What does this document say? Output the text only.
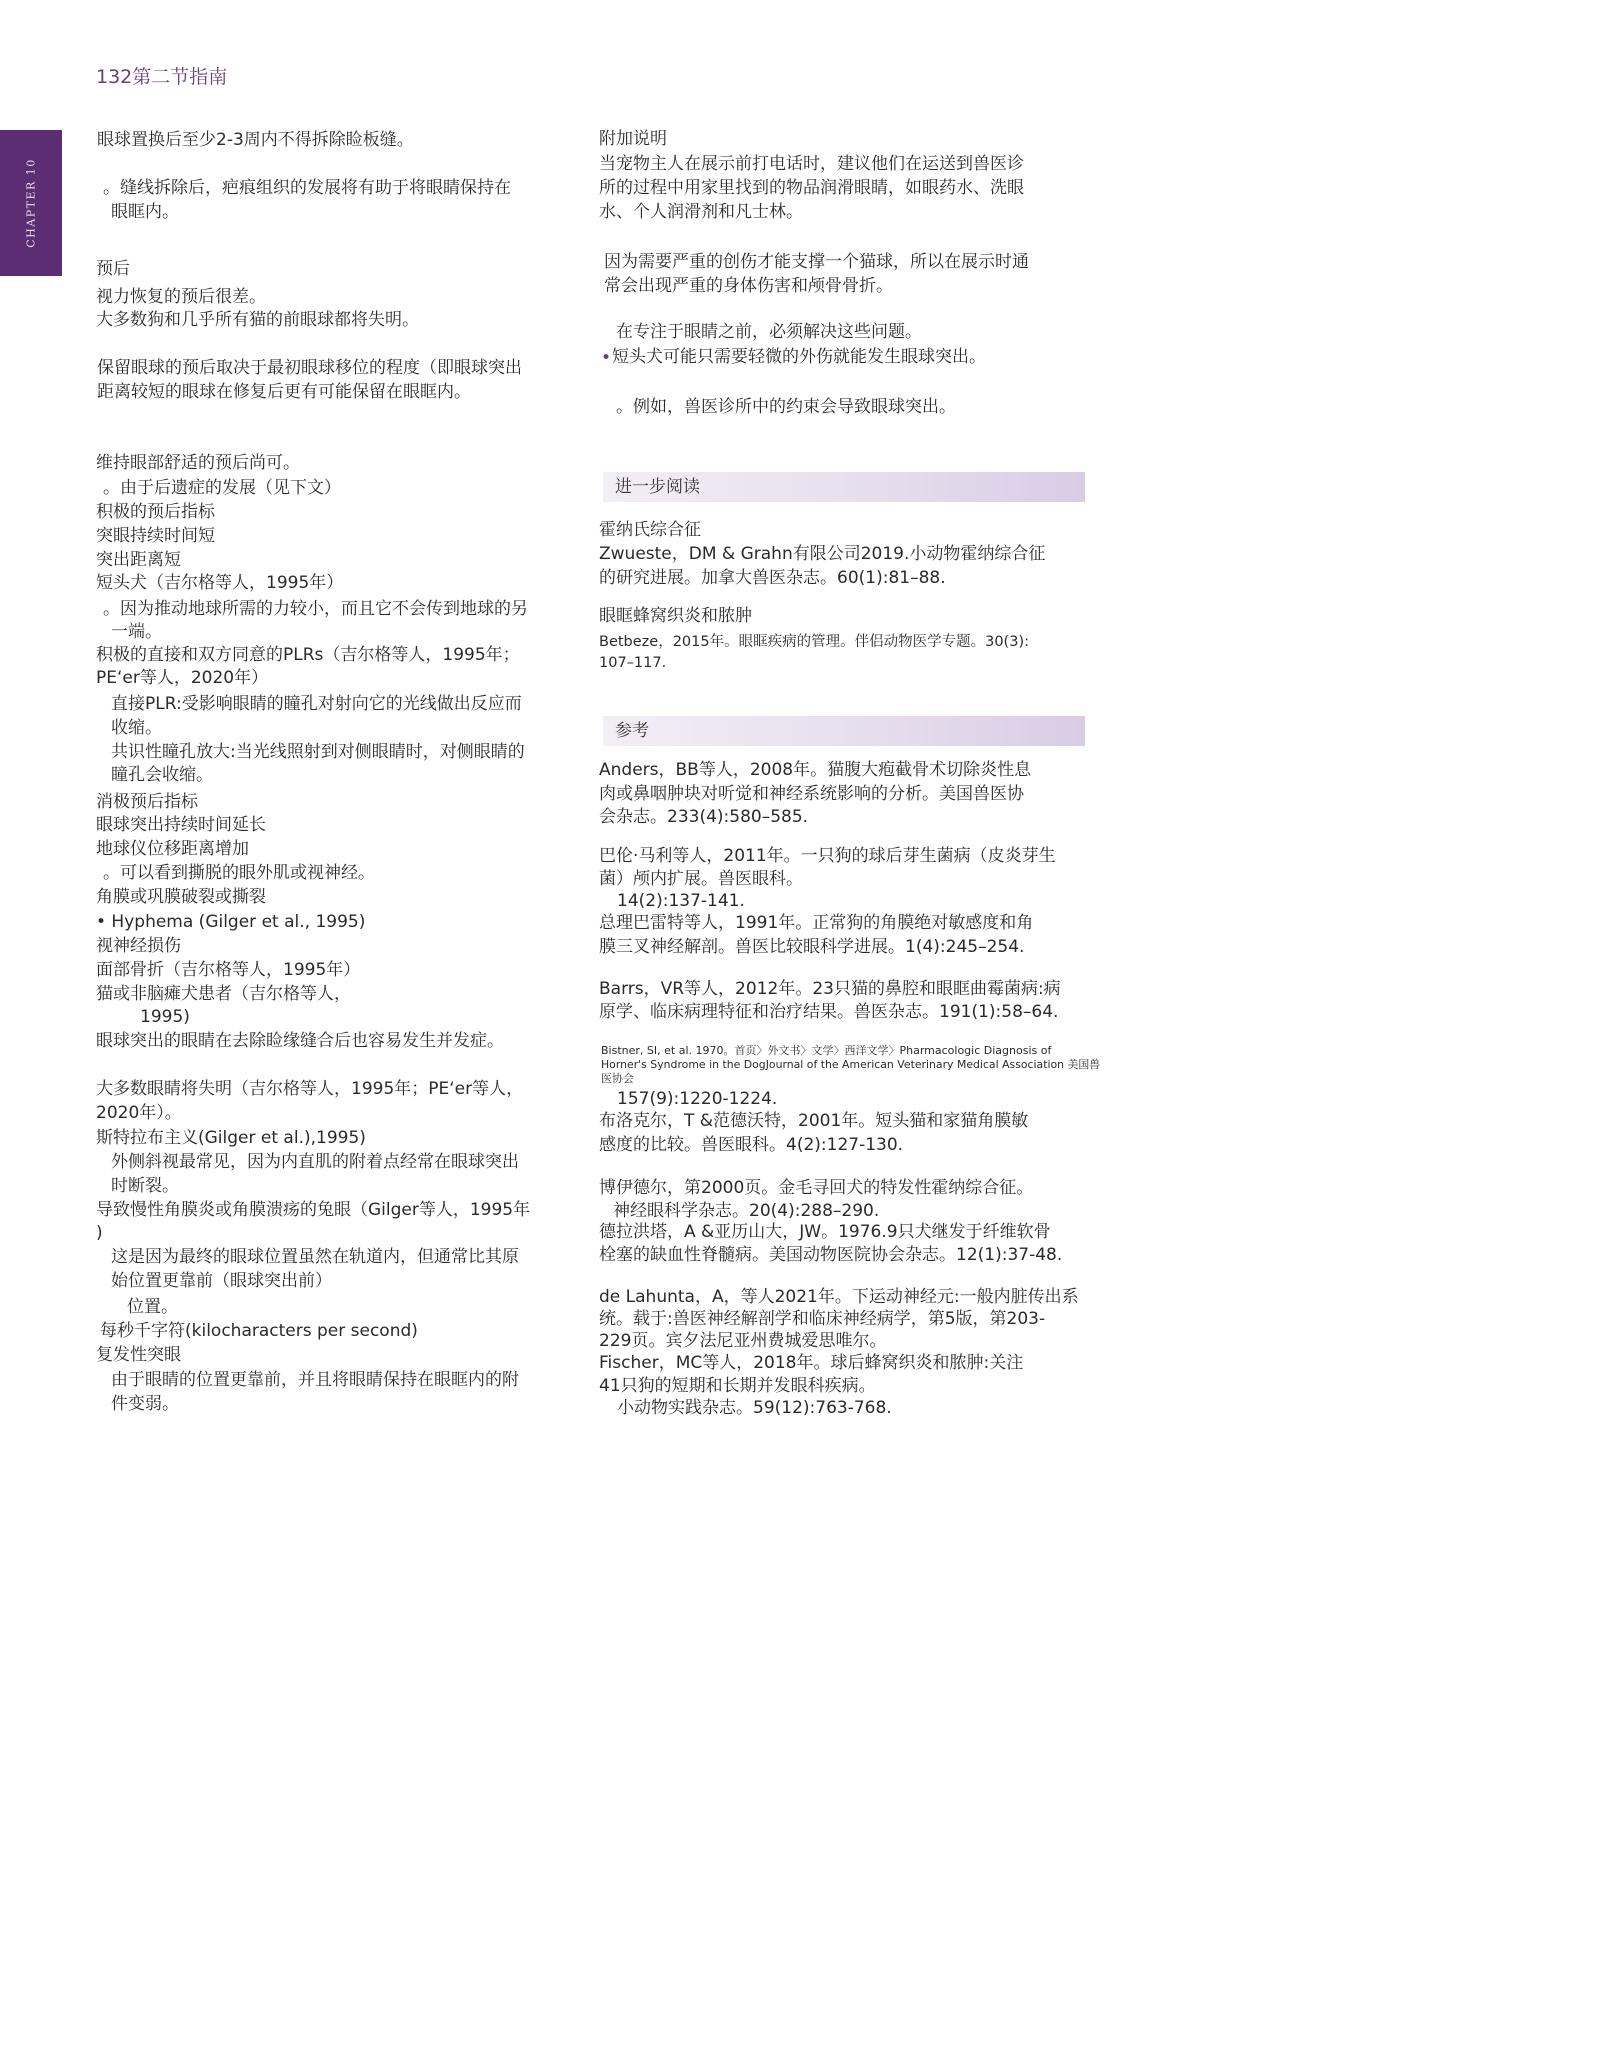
132第二节指南
CHAPTER 10
眼球置换后至少2-3周内不得拆除睑板缝。
。缝线拆除后，疤痕组织的发展将有助于将眼睛保持在
眼眶内。
预后
视力恢复的预后很差。
大多数狗和几乎所有猫的前眼球都将失明。
保留眼球的预后取决于最初眼球移位的程度（即眼球突出
距离较短的眼球在修复后更有可能保留在眼眶内。
维持眼部舒适的预后尚可。
。由于后遗症的发展（见下文）
积极的预后指标
突眼持续时间短
突出距离短
短头犬（吉尔格等人，1995年）
。因为推动地球所需的力较小，而且它不会传到地球的另
一端。
积极的直接和双方同意的PLRs（吉尔格等人，1995年；
PE‘er等人，2020年）
直接PLR:受影响眼睛的瞳孔对射向它的光线做出反应而
收缩。
共识性瞳孔放大:当光线照射到对侧眼睛时，对侧眼睛的
瞳孔会收缩。
消极预后指标
眼球突出持续时间延长
地球仪位移距离增加
。可以看到撕脱的眼外肌或视神经。
角膜或巩膜破裂或撕裂
• Hyphema (Gilger et al., 1995)
视神经损伤
面部骨折（吉尔格等人，1995年）
猫或非脑瘫犬患者（吉尔格等人，
1995)
眼球突出的眼睛在去除睑缘缝合后也容易发生并发症。
大多数眼睛将失明（吉尔格等人，1995年；PE‘er等人，
2020年）。
斯特拉布主义(Gilger et al.),1995)
外侧斜视最常见，因为内直肌的附着点经常在眼球突出
时断裂。
导致慢性角膜炎或角膜溃疡的兔眼（Gilger等人，1995年
)
这是因为最终的眼球位置虽然在轨道内，但通常比其原
始位置更靠前（眼球突出前）
位置。
每秒千字符(kilocharacters per second)
复发性突眼
由于眼睛的位置更靠前，并且将眼睛保持在眼眶内的附
件变弱。
附加说明
当宠物主人在展示前打电话时，建议他们在运送到兽医诊
所的过程中用家里找到的物品润滑眼睛，如眼药水、洗眼
水、个人润滑剂和凡士林。
因为需要严重的创伤才能支撑一个猫球，所以在展示时通
常会出现严重的身体伤害和颅骨骨折。
在专注于眼睛之前，必须解决这些问题。
• 短头犬可能只需要轻微的外伤就能发生眼球突出。
。例如，兽医诊所中的约束会导致眼球突出。
进一步阅读
霍纳氏综合征
Zwueste，DM & Grahn有限公司2019.小动物霍纳综合征
的研究进展。加拿大兽医杂志。60(1):81–88.
眼眶蜂窝织炎和脓肿
Betbeze，2015年。眼眶疾病的管理。伴侣动物医学专题。30(3):
107–117.
参考
Anders，BB等人，2008年。猫腹大疱截骨术切除炎性息
肉或鼻咽肿块对听觉和神经系统影响的分析。美国兽医协
会杂志。233(4):580–585.
巴伦·马利等人，2011年。一只狗的球后芽生菌病（皮炎芽生
菌）颅内扩展。兽医眼科。
14(2):137-141.
总理巴雷特等人，1991年。正常狗的角膜绝对敏感度和角
膜三叉神经解剖。兽医比较眼科学进展。1(4):245–254.
Barrs，VR等人，2012年。23只猫的鼻腔和眼眶曲霉菌病:病
原学、临床病理特征和治疗结果。兽医杂志。191(1):58–64.
Bistner, SI, et al. 1970。首页〉外文书〉文学〉西洋文学〉Pharmacologic Diagnosis of
Horner's Syndrome in the DogJournal of the American Veterinary Medical Association 美国兽
医协会
157(9):1220-1224.
布洛克尔，T &范德沃特，2001年。短头猫和家猫角膜敏
感度的比较。兽医眼科。4(2):127-130.
博伊德尔，第2000页。金毛寻回犬的特发性霍纳综合征。
神经眼科学杂志。20(4):288–290.
德拉洪塔，A &亚历山大，JW。1976.9只犬继发于纤维软骨
栓塞的缺血性脊髓病。美国动物医院协会杂志。12(1):37-48.
de Lahunta，A，等人2021年。下运动神经元:一般内脏传出系
统。载于:兽医神经解剖学和临床神经病学，第5版，第203-
229页。宾夕法尼亚州费城爱思唯尔。
Fischer，MC等人，2018年。球后蜂窝织炎和脓肿:关注
41只狗的短期和长期并发眼科疾病。
小动物实践杂志。59(12):763-768.
